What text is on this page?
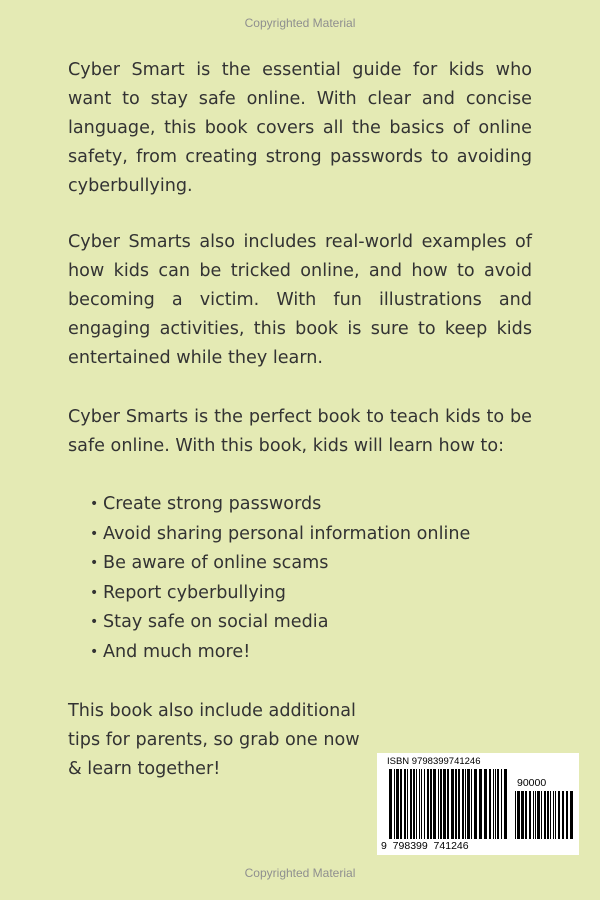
Copyrighted Material

Cyber Smart is the essential guide for kids who want to stay safe online. With clear and concise language, this book covers all the basics of online safety, from creating strong passwords to avoiding cyberbullying.

Cyber Smarts also includes real-world examples of how kids can be tricked online, and how to avoid becoming a victim. With fun illustrations and engaging activities, this book is sure to keep kids entertained while they learn.

Cyber Smarts is the perfect book to teach kids to be safe online. With this book, kids will learn how to:

• Create strong passwords
• Avoid sharing personal information online
• Be aware of online scams
• Report cyberbullying
• Stay safe on social media
• And much more!

This book also include additional tips for parents, so grab one now & learn together!	ISBN 9798399741246
90000
9  798399  741246
Copyrighted Material
